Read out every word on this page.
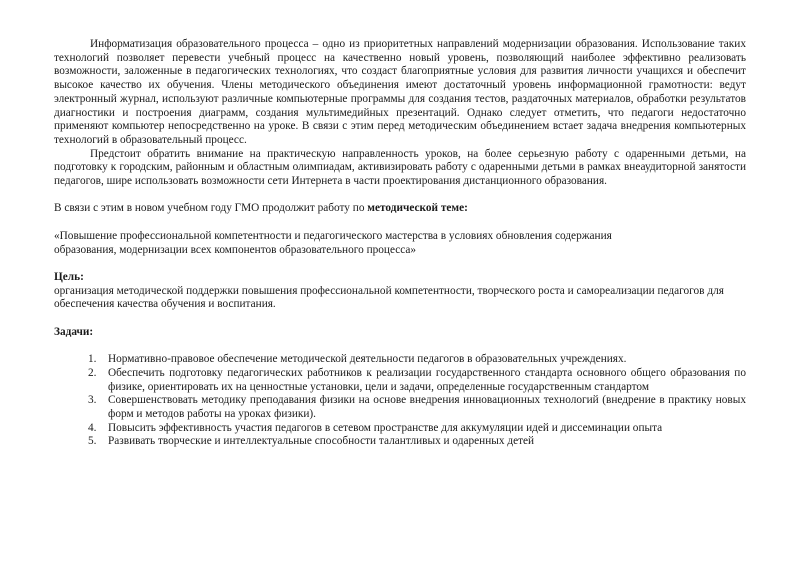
Информатизация образовательного процесса – одно из приоритетных направлений модернизации образования. Использование таких технологий позволяет перевести учебный процесс на качественно новый уровень, позволяющий наиболее эффективно реализовать возможности, заложенные в педагогических технологиях, что создаст благоприятные условия для развития личности учащихся и обеспечит высокое качество их обучения. Члены методического объединения имеют достаточный уровень информационной грамотности: ведут электронный журнал, используют различные компьютерные программы для создания тестов, раздаточных материалов, обработки результатов диагностики и построения диаграмм, создания мультимедийных презентаций. Однако следует отметить, что педагоги недостаточно применяют компьютер непосредственно на уроке. В связи с этим перед методическим объединением встает задача внедрения компьютерных технологий в образовательный процесс.

Предстоит обратить внимание на практическую направленность уроков, на более серьезную работу с одаренными детьми, на подготовку к городским, районным и областным олимпиадам, активизировать работу с одаренными детьми в рамках внеаудиторной занятости педагогов, шире использовать возможности сети Интернета в части проектирования дистанционного образования.

В связи с этим в новом учебном году ГМО продолжит работу по методической теме:

«Повышение профессиональной компетентности и педагогического мастерства в условиях обновления содержания образования, модернизации всех компонентов образовательного процесса»

Цель:

организация методической поддержки повышения профессиональной компетентности, творческого роста и самореализации педагогов для обеспечения качества обучения и воспитания.

Задачи:

1. Нормативно-правовое обеспечение методической деятельности педагогов в образовательных учреждениях.
2. Обеспечить подготовку педагогических работников к реализации государственного стандарта основного общего образования по физике, ориентировать их на ценностные установки, цели и задачи, определенные государственным стандартом
3. Совершенствовать методику преподавания физики на основе внедрения инновационных технологий (внедрение в практику новых форм и методов работы на уроках физики).
4. Повысить эффективность участия педагогов в сетевом пространстве для аккумуляции идей и диссеминации опыта
5. Развивать творческие и интеллектуальные способности талантливых и одаренных детей
